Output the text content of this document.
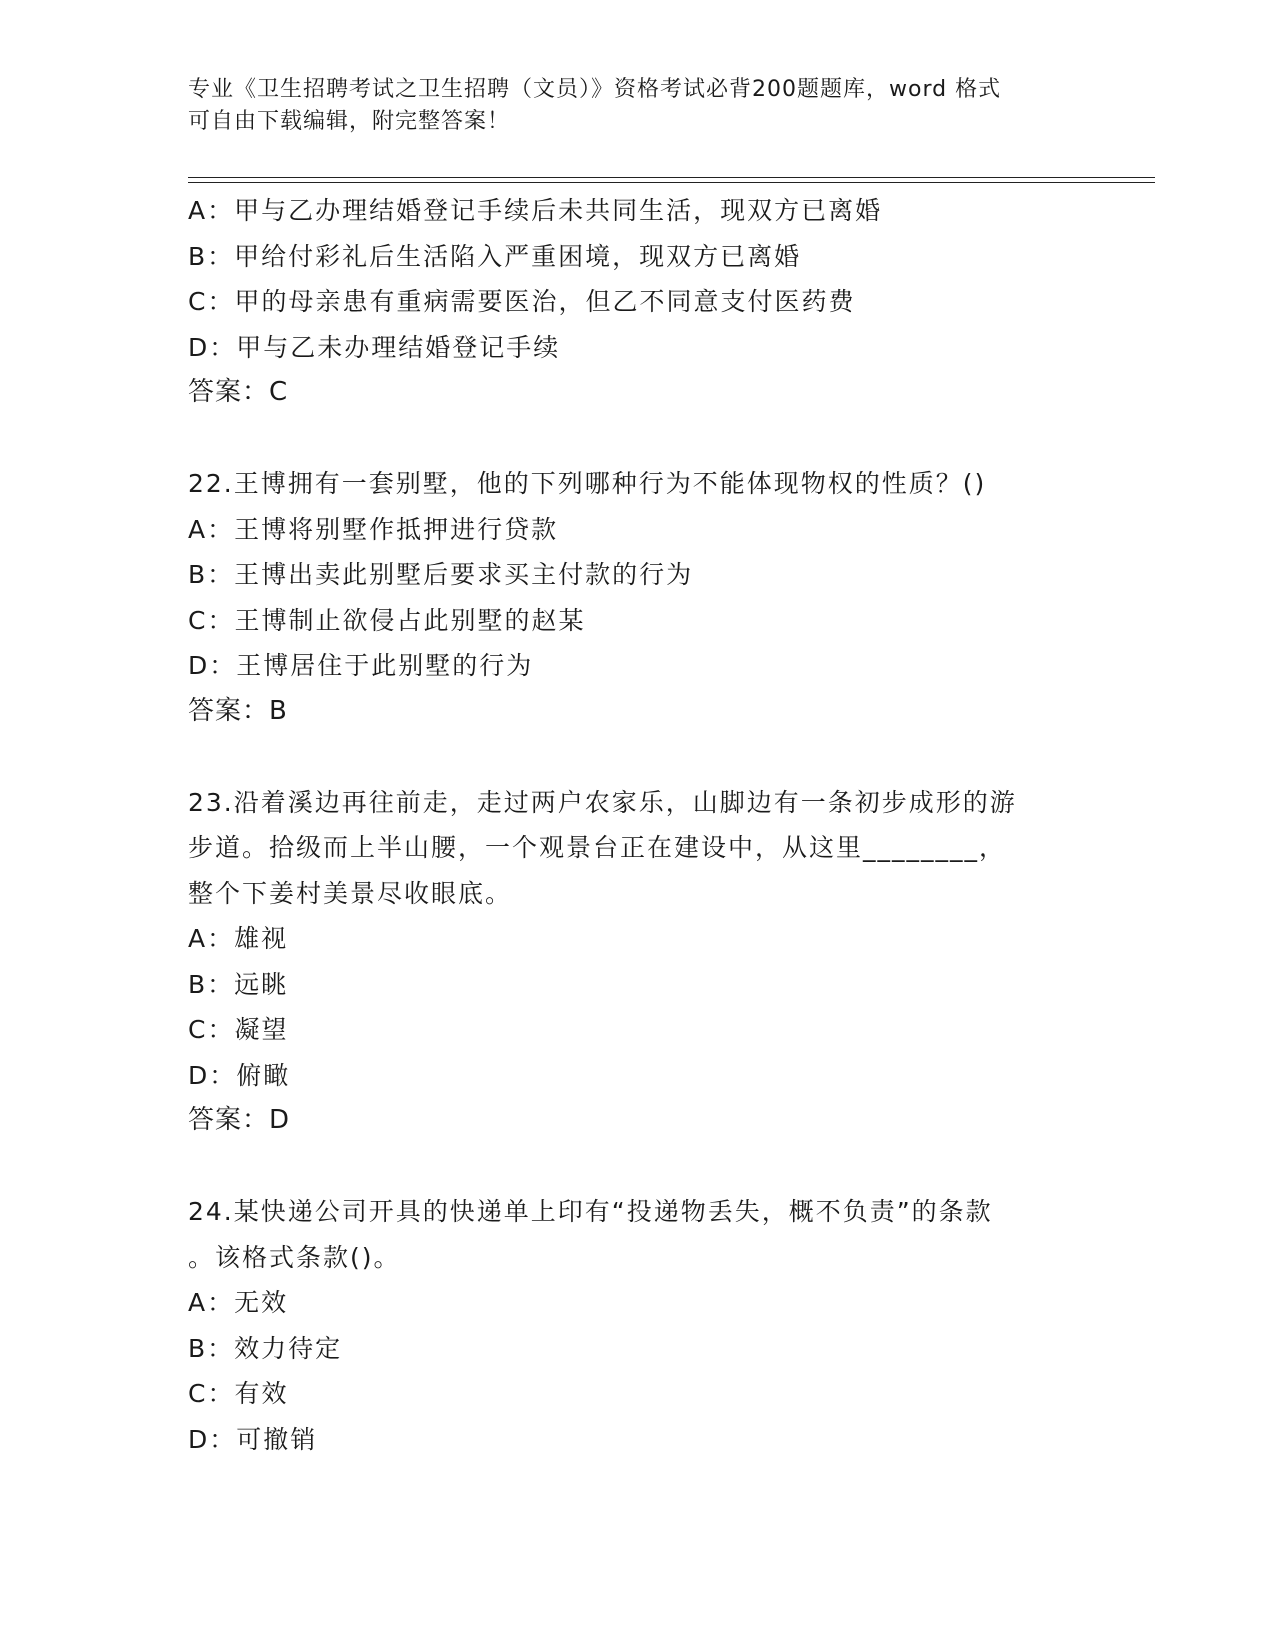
专业《卫生招聘考试之卫生招聘（文员）》资格考试必背200题题库，word 格式
可自由下载编辑，附完整答案！
A：甲与乙办理结婚登记手续后未共同生活，现双方已离婚
B：甲给付彩礼后生活陷入严重困境，现双方已离婚
C：甲的母亲患有重病需要医治，但乙不同意支付医药费
D：甲与乙未办理结婚登记手续
答案：C
22.王博拥有一套别墅，他的下列哪种行为不能体现物权的性质？()
A：王博将别墅作抵押进行贷款
B：王博出卖此别墅后要求买主付款的行为
C：王博制止欲侵占此别墅的赵某
D：王博居住于此别墅的行为
答案：B
23.沿着溪边再往前走，走过两户农家乐，山脚边有一条初步成形的游
步道。拾级而上半山腰，一个观景台正在建设中，从这里________，
整个下姜村美景尽收眼底。
A：雄视
B：远眺
C：凝望
D：俯瞰
答案：D
24.某快递公司开具的快递单上印有“投递物丢失，概不负责”的条款
。该格式条款()。
A：无效
B：效力待定
C：有效
D：可撤销
